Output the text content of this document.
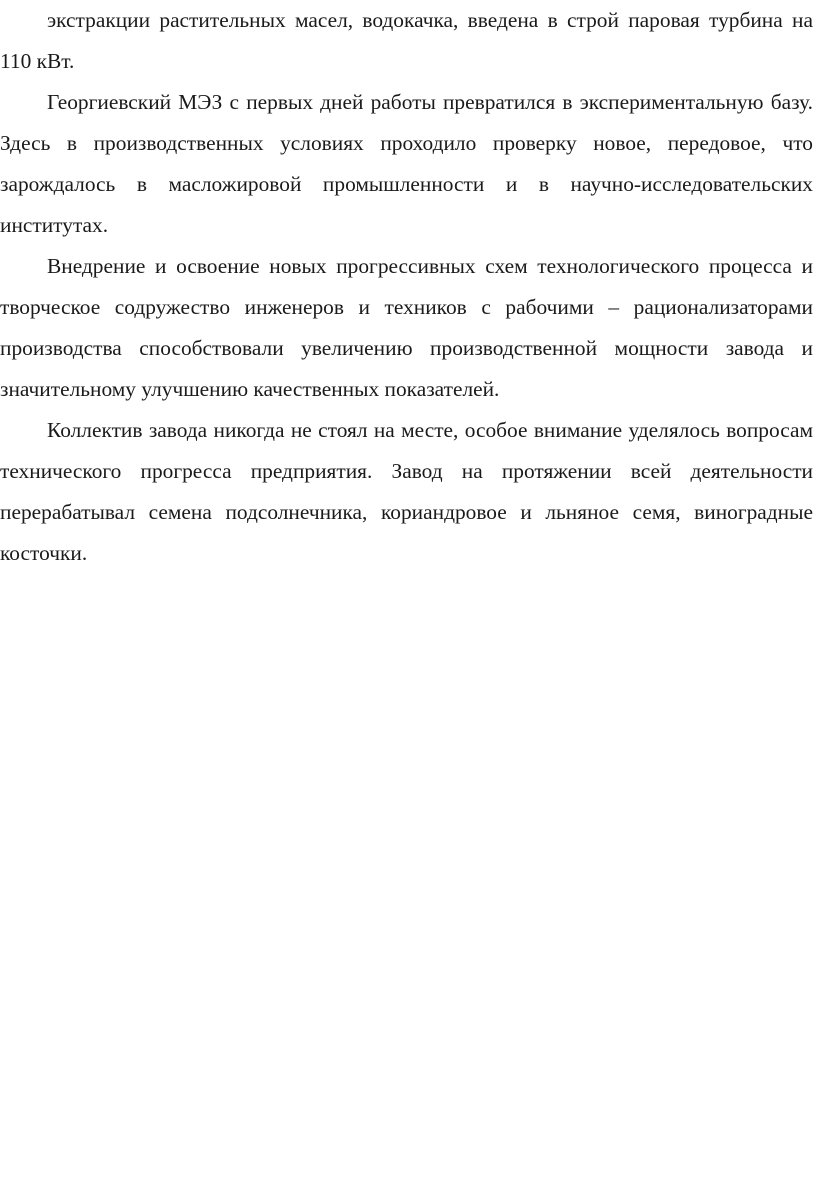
экстракции растительных масел, водокачка, введена в строй паровая турбина на 110 кВт.

Георгиевский МЭЗ с первых дней работы превратился в экспериментальную базу. Здесь в производственных условиях проходило проверку новое, передовое, что зарождалось в масложировой промышленности и в научно-исследовательских институтах.

Внедрение и освоение новых прогрессивных схем технологического процесса и творческое содружество инженеров и техников с рабочими – рационализаторами производства способствовали увеличению производственной мощности завода и значительному улучшению качественных показателей.

Коллектив завода никогда не стоял на месте, особое внимание уделялось вопросам технического прогресса предприятия. Завод на протяжении всей деятельности перерабатывал семена подсолнечника, кориандровое и льняное семя, виноградные косточки.
